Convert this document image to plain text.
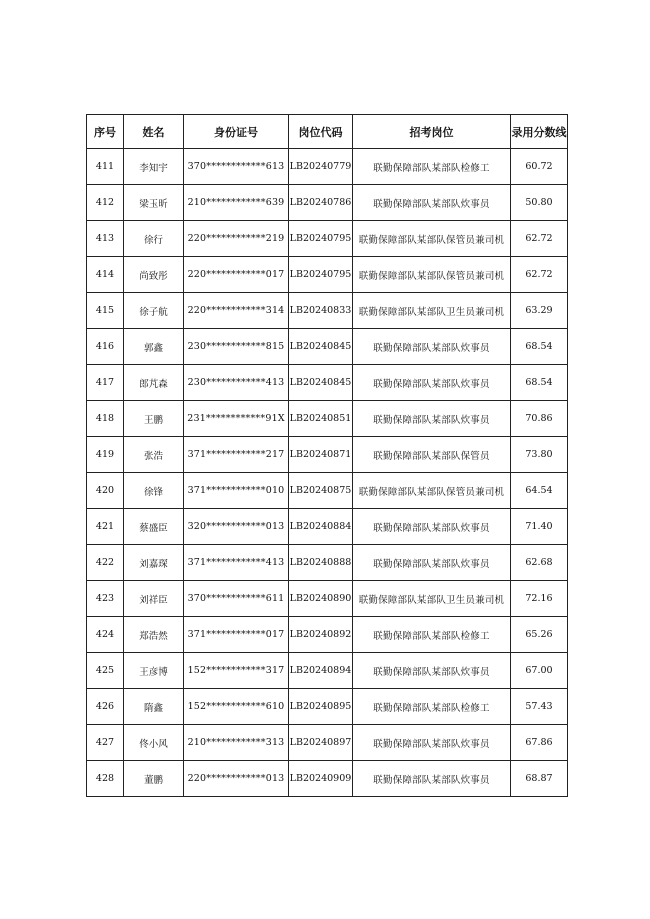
序号	姓名	身份证号	岗位代码	招考岗位	录用分数线
411	李知宇	370************613	LB20240779	联勤保障部队某部队检修工	60.72
412	梁玉昕	210************639	LB20240786	联勤保障部队某部队炊事员	50.80
413	徐行	220************219	LB20240795	联勤保障部队某部队保管员兼司机	62.72
414	尚致彤	220************017	LB20240795	联勤保障部队某部队保管员兼司机	62.72
415	徐子航	220************314	LB20240833	联勤保障部队某部队卫生员兼司机	63.29
416	郭鑫	230************815	LB20240845	联勤保障部队某部队炊事员	68.54
417	郎芃森	230************413	LB20240845	联勤保障部队某部队炊事员	68.54
418	王鹏	231************91X	LB20240851	联勤保障部队某部队炊事员	70.86
419	张浩	371************217	LB20240871	联勤保障部队某部队保管员	73.80
420	徐锋	371************010	LB20240875	联勤保障部队某部队保管员兼司机	64.54
421	蔡盛臣	320************013	LB20240884	联勤保障部队某部队炊事员	71.40
422	刘嘉琛	371************413	LB20240888	联勤保障部队某部队炊事员	62.68
423	刘祥臣	370************611	LB20240890	联勤保障部队某部队卫生员兼司机	72.16
424	郑浩然	371************017	LB20240892	联勤保障部队某部队检修工	65.26
425	王彦博	152************317	LB20240894	联勤保障部队某部队炊事员	67.00
426	隋鑫	152************610	LB20240895	联勤保障部队某部队检修工	57.43
427	佟小风	210************313	LB20240897	联勤保障部队某部队炊事员	67.86
428	董鹏	220************013	LB20240909	联勤保障部队某部队炊事员	68.87
